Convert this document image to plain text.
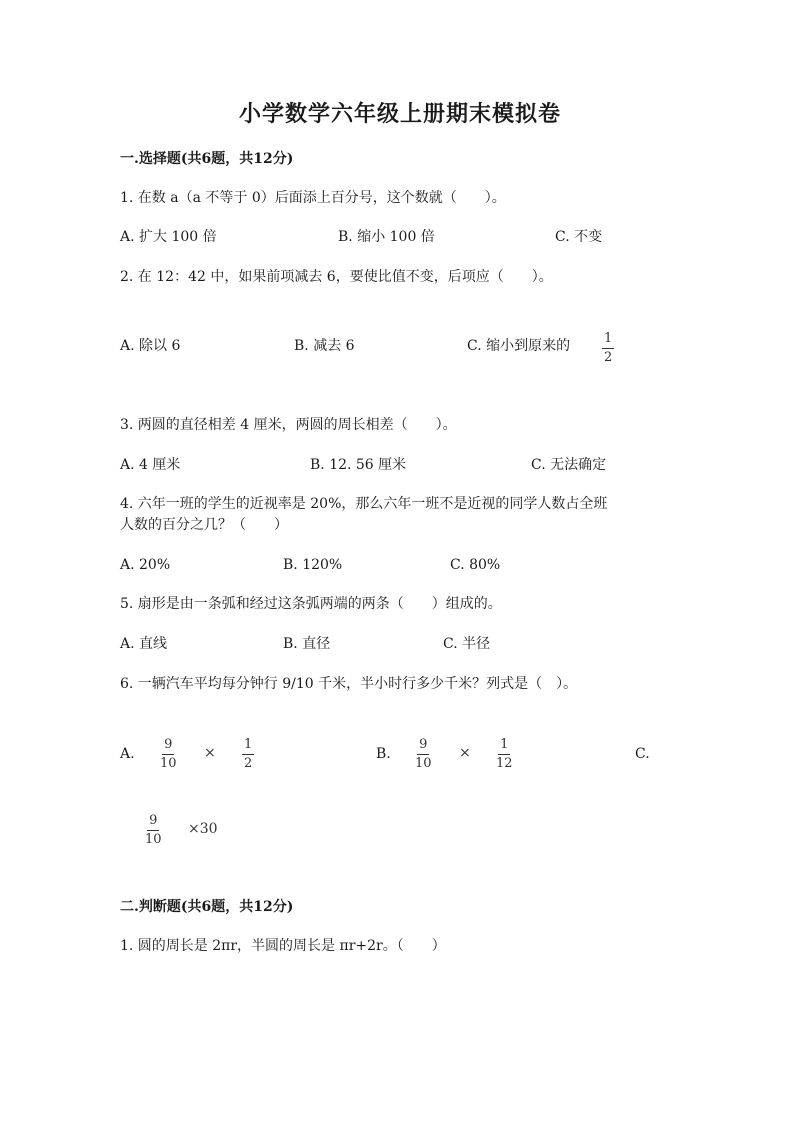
小学数学六年级上册期末模拟卷
一.选择题(共6题，共12分)
1. 在数 a（a 不等于 0）后面添上百分号，这个数就（　　）。
A. 扩大 100 倍	B. 缩小 100 倍	C. 不变
2. 在 12：42 中，如果前项减去 6，要使比值不变，后项应（　　）。
A. 除以 6	B. 减去 6	C. 缩小到原来的 $\frac{1}{2}$
3. 两圆的直径相差 4 厘米，两圆的周长相差（　　）。
A. 4 厘米	B. 12. 56 厘米	C. 无法确定
4. 六年一班的学生的近视率是 20%，那么六年一班不是近视的同学人数占全班
人数的百分之几？（　　）
A. 20%	B. 120%	C. 80%
5. 扇形是由一条弧和经过这条弧两端的两条（　　）组成的。
A. 直线	B. 直径	C. 半径
6. 一辆汽车平均每分钟行 9/10 千米，半小时行多少千米？列式是（　）。
A. $\frac{9}{10} \times \frac{1}{2}$	B. $\frac{9}{10} \times \frac{1}{12}$	C.
$\frac{9}{10} \times 30$
二.判断题(共6题，共12分)
1. 圆的周长是 2πr，半圆的周长是 πr+2r。（　　）
